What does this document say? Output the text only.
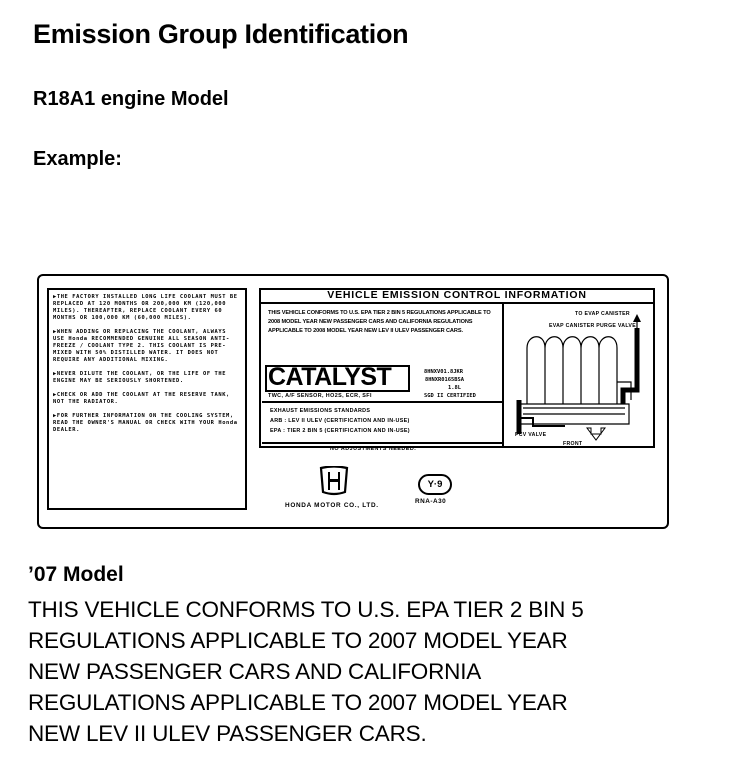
Emission Group Identification
R18A1 engine Model
Example:

▶THE FACTORY INSTALLED LONG LIFE COOLANT MUST BE REPLACED AT 120 MONTHS OR 200,000 KM (120,000 MILES). THEREAFTER, REPLACE COOLANT EVERY 60 MONTHS OR 100,000 KM (60,000 MILES).

▶WHEN ADDING OR REPLACING THE COOLANT, ALWAYS USE Honda RECOMMENDED GENUINE ALL SEASON ANTI-FREEZE / COOLANT TYPE 2. THIS COOLANT IS PRE-MIXED WITH 50% DISTILLED WATER. IT DOES NOT REQUIRE ANY ADDITIONAL MIXING.

▶NEVER DILUTE THE COOLANT, OR THE LIFE OF THE ENGINE MAY BE SERIOUSLY SHORTENED.

▶CHECK OR ADD THE COOLANT AT THE RESERVE TANK, NOT THE RADIATOR.

▶FOR FURTHER INFORMATION ON THE COOLING SYSTEM, READ THE OWNER'S MANUAL OR CHECK WITH YOUR Honda DEALER.

VEHICLE EMISSION CONTROL INFORMATION
THIS VEHICLE CONFORMS TO U.S. EPA TIER 2 BIN 5 REGULATIONS APPLICABLE TO 2008 MODEL YEAR NEW PASSENGER CARS AND CALIFORNIA REGULATIONS APPLICABLE TO 2008 MODEL YEAR NEW LEV II ULEV PASSENGER CARS.
CATALYST
TWC, A/F SENSOR, HO2S, ECR, SFI
8HNXV01.8JKR
8HNXR0165BSA
1.8L
SGD II CERTIFIED
EXHAUST EMISSIONS STANDARDS
ARB : LEV II ULEV (CERTIFICATION AND IN-USE)
EPA : TIER 2 BIN 5 (CERTIFICATION AND IN-USE)
NO ADJUSTMENTS NEEDED.
TO EVAP CANISTER
EVAP CANISTER PURGE VALVE
PCV VALVE
FRONT
HONDA MOTOR CO., LTD.
Y·9
RNA-A30
’07 Model
THIS VEHICLE CONFORMS TO U.S. EPA TIER 2 BIN 5
REGULATIONS APPLICABLE TO 2007 MODEL YEAR
NEW PASSENGER CARS AND CALIFORNIA
REGULATIONS APPLICABLE TO 2007 MODEL YEAR
NEW LEV II ULEV PASSENGER CARS.
